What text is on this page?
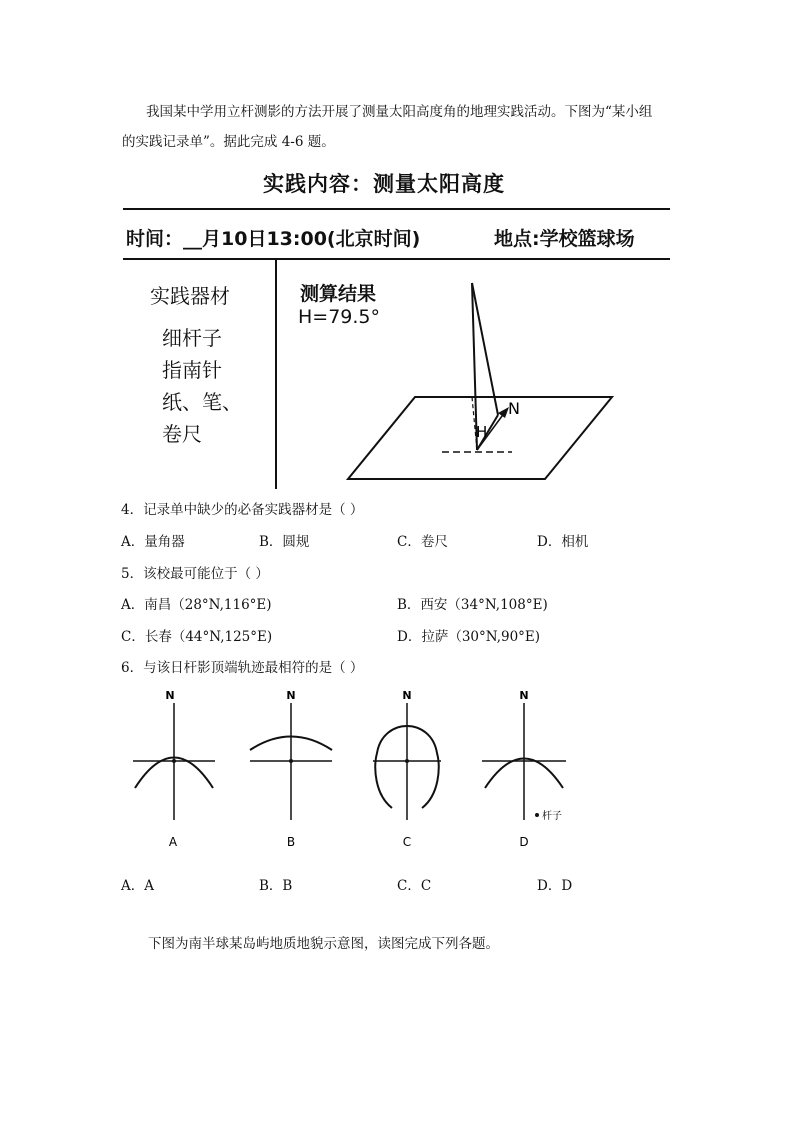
我国某中学用立杆测影的方法开展了测量太阳高度角的地理实践活动。下图为“某小组
的实践记录单”。据此完成 4-6 题。
实践内容：测量太阳高度
时间：__月10日13:00(北京时间)	地点:学校篮球场
实践器材
细杆子
指南针
纸、笔、
卷尺
测算结果
H=79.5°
N
H
4．记录单中缺少的必备实践器材是（ ）
A．量角器	B．圆规	C．卷尺	D．相机
5．该校最可能位于（ ）
A．南昌（28°N,116°E)	B．西安（34°N,108°E)
C．长春（44°N,125°E)	D．拉萨（30°N,90°E)
6．与该日杆影顶端轨迹最相符的是（ ）
N
A
N
B
N
C
N
杆子
D
A．A	B．B	C．C	D．D
下图为南半球某岛屿地质地貌示意图，读图完成下列各题。
